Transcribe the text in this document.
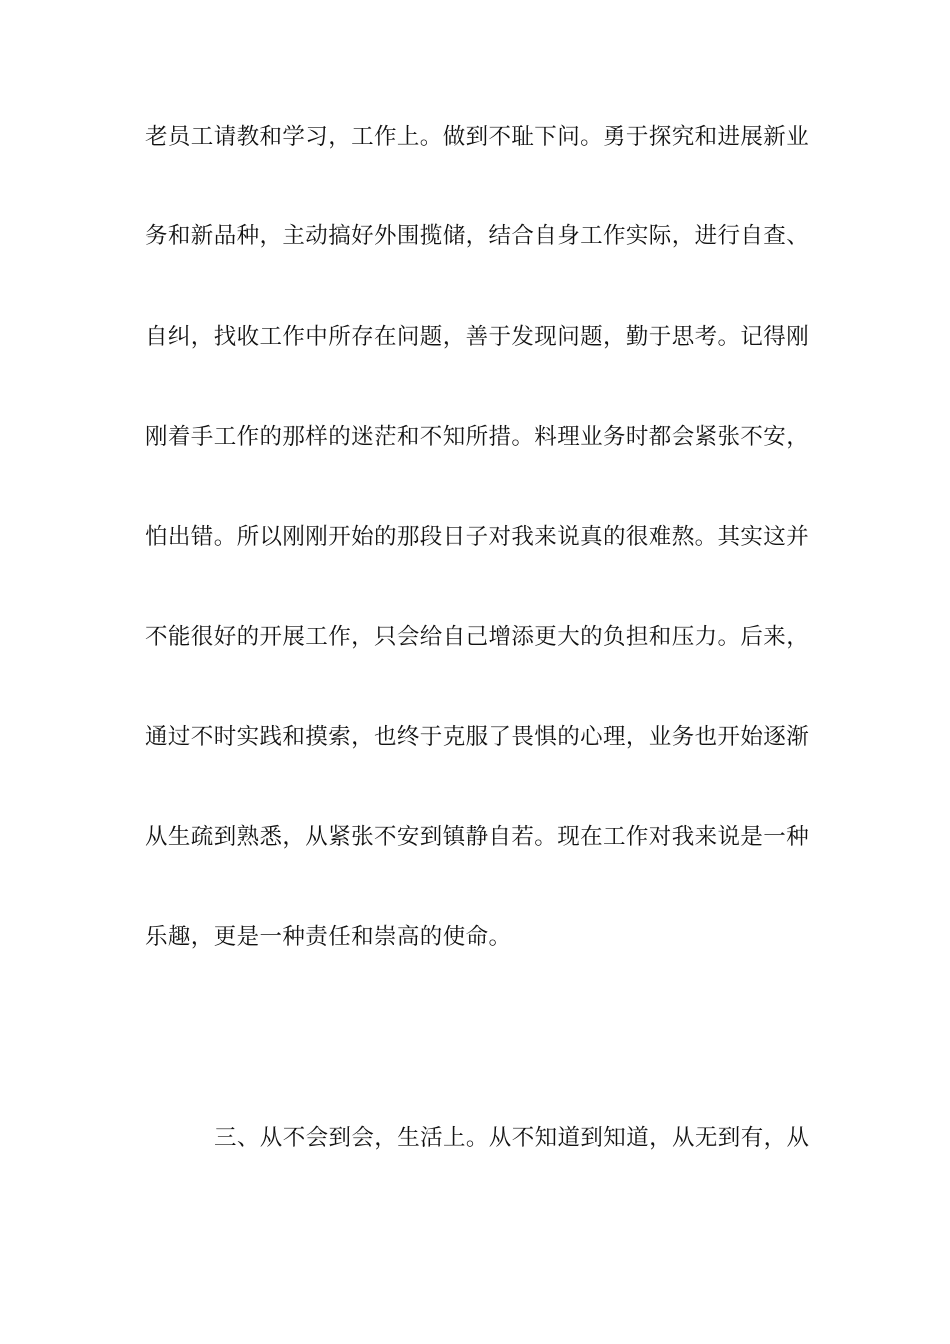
老员工请教和学习，工作上。做到不耻下问。勇于探究和进展新业
务和新品种，主动搞好外围揽储，结合自身工作实际，进行自查、
自纠，找收工作中所存在问题，善于发现问题，勤于思考。记得刚
刚着手工作的那样的迷茫和不知所措。料理业务时都会紧张不安，
怕出错。所以刚刚开始的那段日子对我来说真的很难熬。其实这并
不能很好的开展工作，只会给自己增添更大的负担和压力。后来，
通过不时实践和摸索，也终于克服了畏惧的心理，业务也开始逐渐
从生疏到熟悉，从紧张不安到镇静自若。现在工作对我来说是一种
乐趣，更是一种责任和崇高的使命。
三、从不会到会，生活上。从不知道到知道，从无到有，从
